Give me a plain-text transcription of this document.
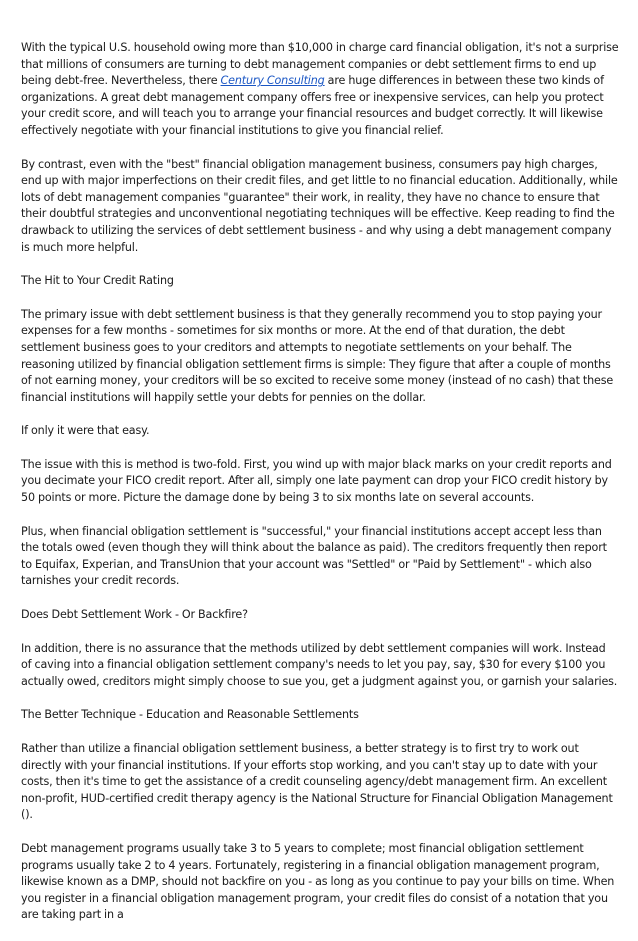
With the typical U.S. household owing more than $10,000 in charge card financial obligation, it's not a surprise that millions of consumers are turning to debt management companies or debt settlement firms to end up being debt-free. Nevertheless, there Century Consulting are huge differences in between these two kinds of organizations. A great debt management company offers free or inexpensive services, can help you protect your credit score, and will teach you to arrange your financial resources and budget correctly. It will likewise effectively negotiate with your financial institutions to give you financial relief.

By contrast, even with the "best" financial obligation management business, consumers pay high charges, end up with major imperfections on their credit files, and get little to no financial education. Additionally, while lots of debt management companies "guarantee" their work, in reality, they have no chance to ensure that their doubtful strategies and unconventional negotiating techniques will be effective. Keep reading to find the drawback to utilizing the services of debt settlement business - and why using a debt management company is much more helpful.

The Hit to Your Credit Rating

The primary issue with debt settlement business is that they generally recommend you to stop paying your expenses for a few months - sometimes for six months or more. At the end of that duration, the debt settlement business goes to your creditors and attempts to negotiate settlements on your behalf. The reasoning utilized by financial obligation settlement firms is simple: They figure that after a couple of months of not earning money, your creditors will be so excited to receive some money (instead of no cash) that these financial institutions will happily settle your debts for pennies on the dollar.

If only it were that easy.

The issue with this is method is two-fold. First, you wind up with major black marks on your credit reports and you decimate your FICO credit report. After all, simply one late payment can drop your FICO credit history by 50 points or more. Picture the damage done by being 3 to six months late on several accounts.

Plus, when financial obligation settlement is "successful," your financial institutions accept accept less than the totals owed (even though they will think about the balance as paid). The creditors frequently then report to Equifax, Experian, and TransUnion that your account was "Settled" or "Paid by Settlement" - which also tarnishes your credit records.

Does Debt Settlement Work - Or Backfire?

In addition, there is no assurance that the methods utilized by debt settlement companies will work. Instead of caving into a financial obligation settlement company's needs to let you pay, say, $30 for every $100 you actually owed, creditors might simply choose to sue you, get a judgment against you, or garnish your salaries.

The Better Technique - Education and Reasonable Settlements

Rather than utilize a financial obligation settlement business, a better strategy is to first try to work out directly with your financial institutions. If your efforts stop working, and you can't stay up to date with your costs, then it's time to get the assistance of a credit counseling agency/debt management firm. An excellent non-profit, HUD-certified credit therapy agency is the National Structure for Financial Obligation Management ().

Debt management programs usually take 3 to 5 years to complete; most financial obligation settlement programs usually take 2 to 4 years. Fortunately, registering in a financial obligation management program, likewise known as a DMP, should not backfire on you - as long as you continue to pay your bills on time. When you register in a financial obligation management program, your credit files do consist of a notation that you are taking part in a
